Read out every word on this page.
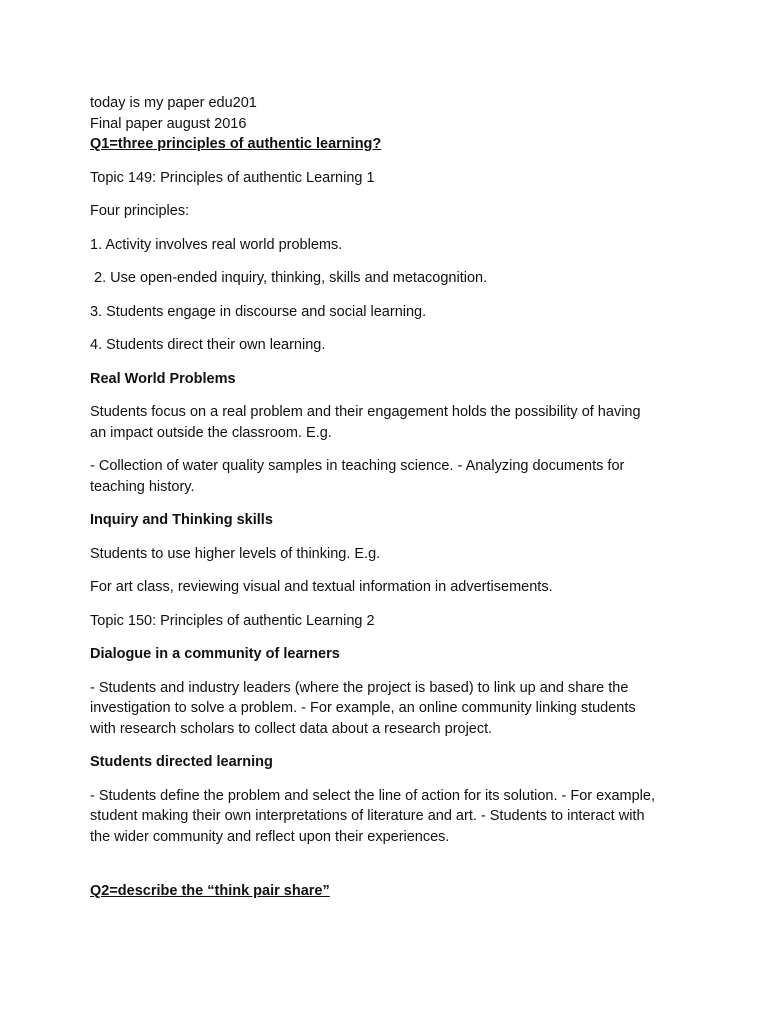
today is my paper edu201
Final paper august 2016
Q1=three principles of authentic learning?
Topic 149: Principles of authentic Learning 1
Four principles:
1. Activity involves real world problems.
2. Use open-ended inquiry, thinking, skills and metacognition.
3. Students engage in discourse and social learning.
4. Students direct their own learning.
Real World Problems
Students focus on a real problem and their engagement holds the possibility of having
an impact outside the classroom. E.g.
- Collection of water quality samples in teaching science. - Analyzing documents for
teaching history.
Inquiry and Thinking skills
Students to use higher levels of thinking. E.g.
For art class, reviewing visual and textual information in advertisements.
Topic 150: Principles of authentic Learning 2
Dialogue in a community of learners
- Students and industry leaders (where the project is based) to link up and share the
investigation to solve a problem. - For example, an online community linking students
with research scholars to collect data about a research project.
Students directed learning
- Students define the problem and select the line of action for its solution. - For example,
student making their own interpretations of literature and art. - Students to interact with
the wider community and reflect upon their experiences.
Q2=describe the “think pair share”
